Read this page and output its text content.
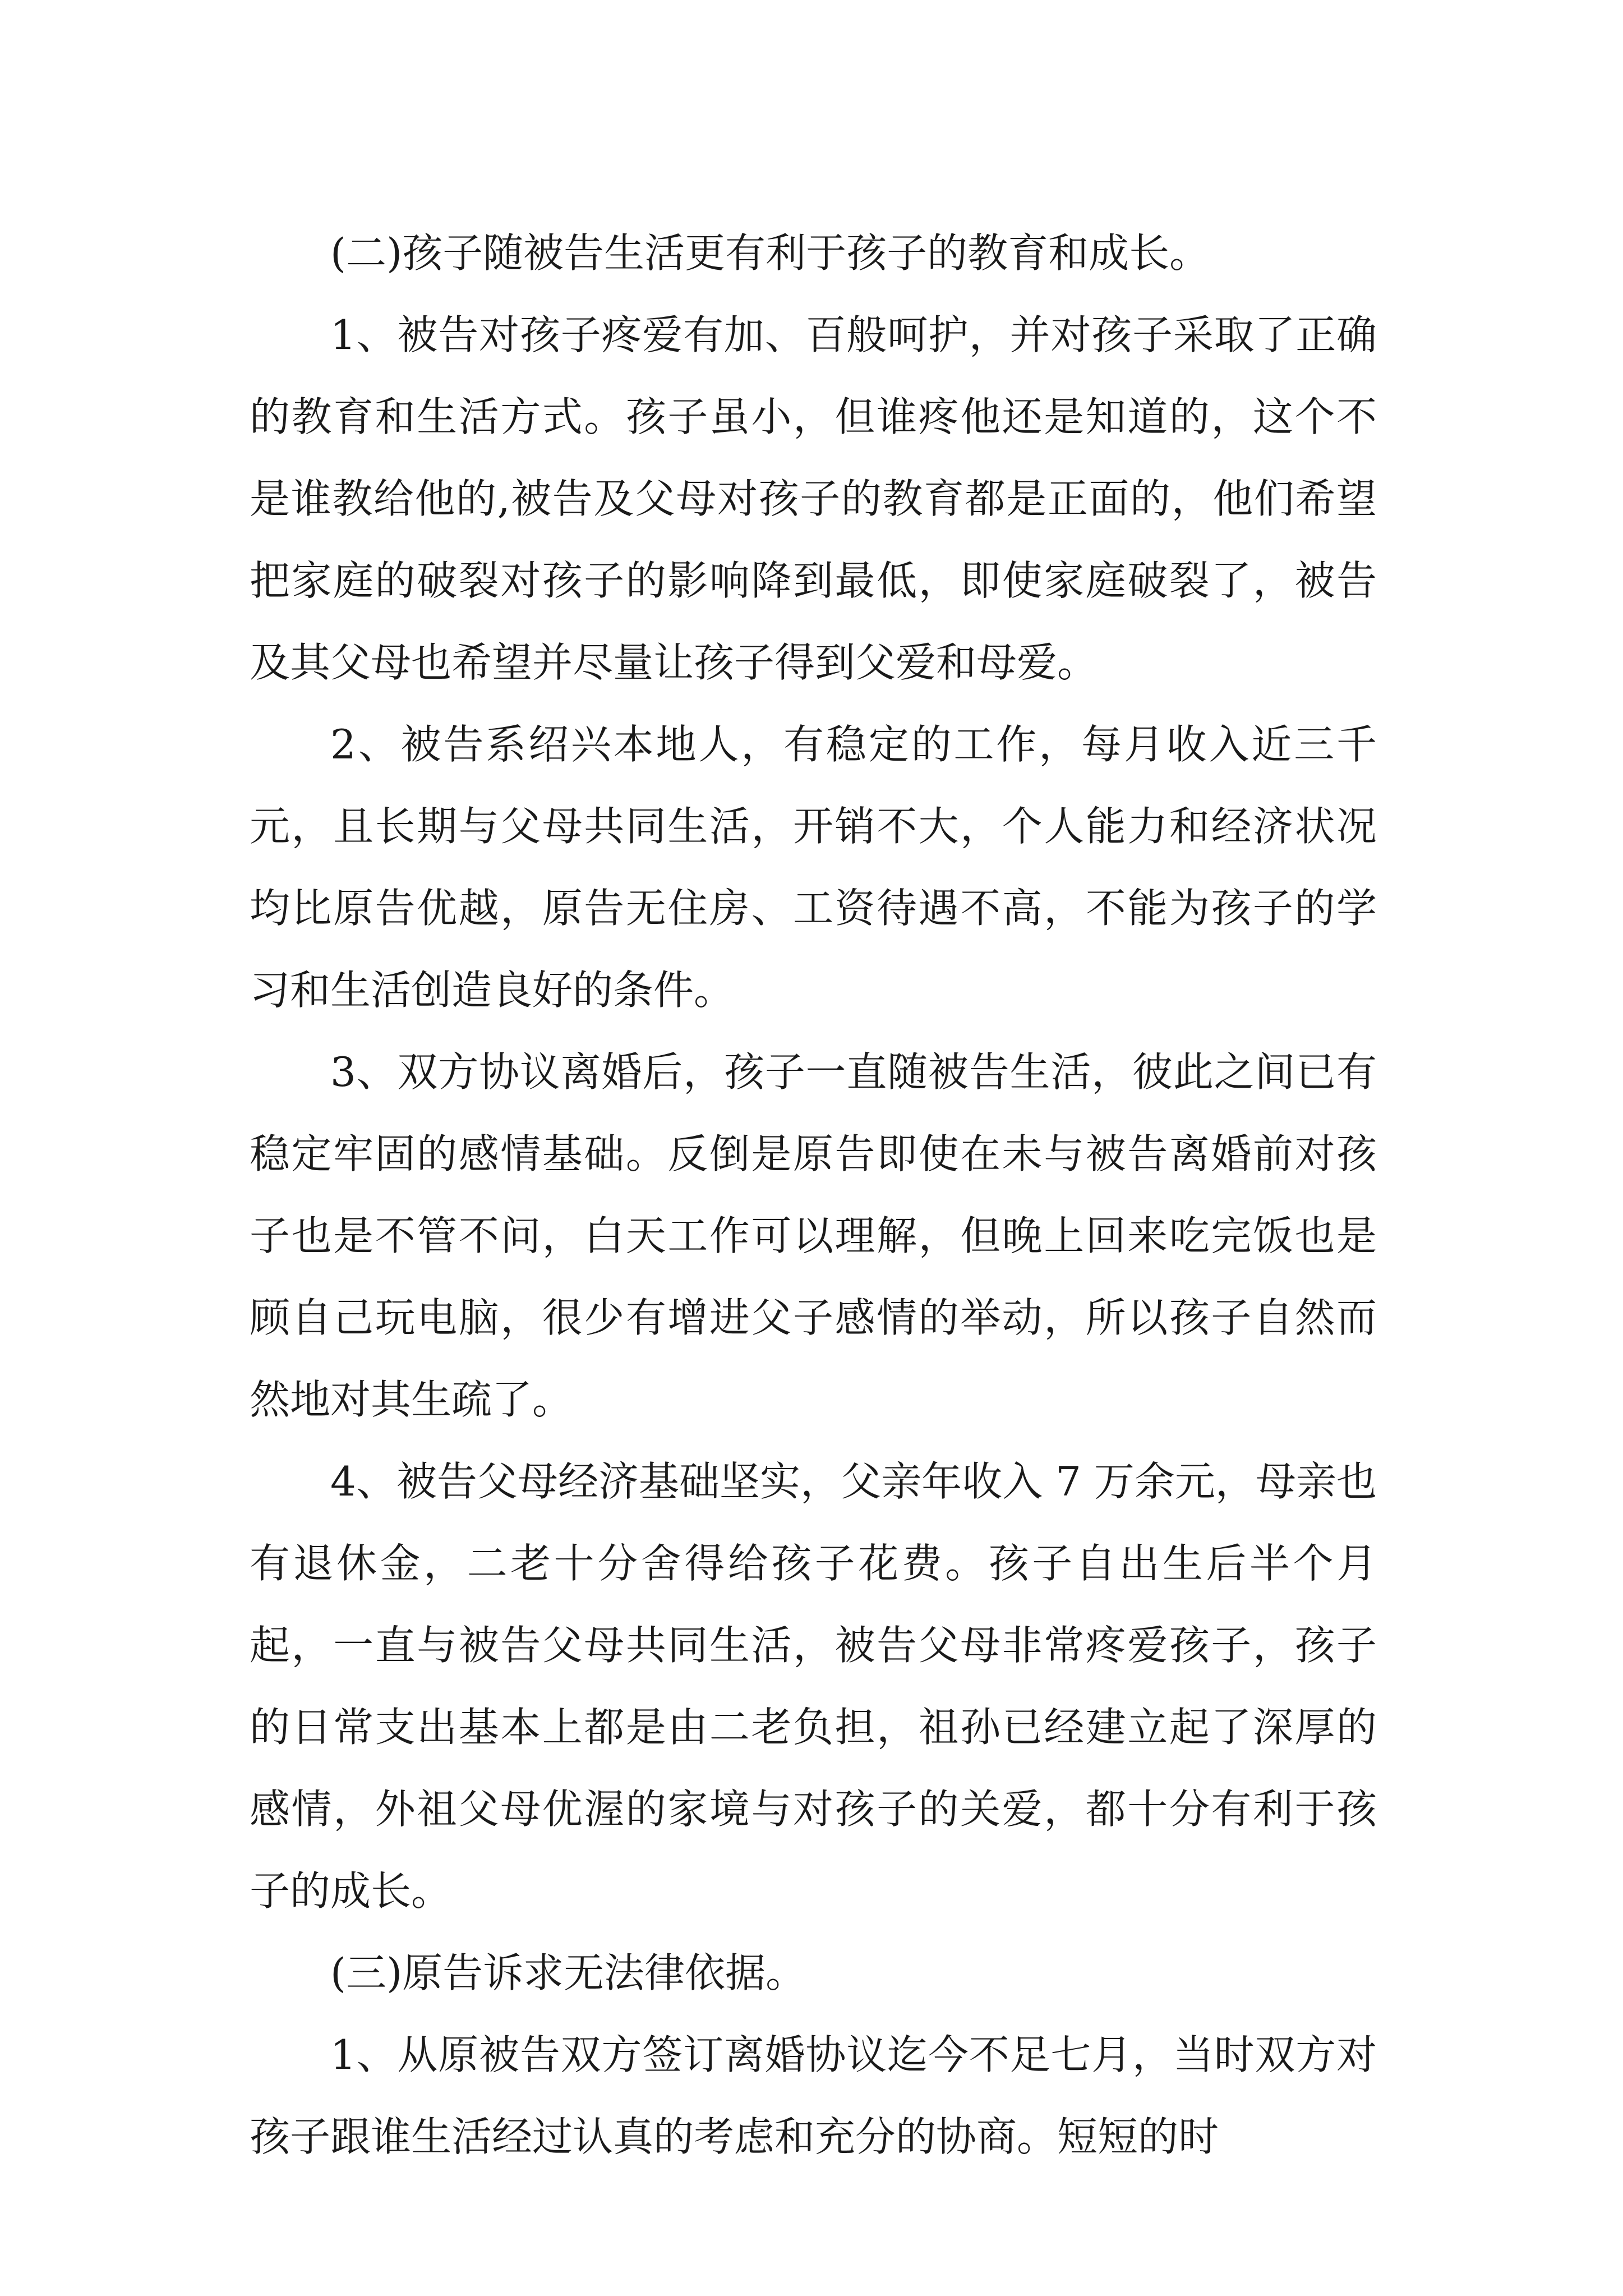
(二)孩子随被告生活更有利于孩子的教育和成长。

1、被告对孩子疼爱有加、百般呵护，并对孩子采取了正确的教育和生活方式。孩子虽小，但谁疼他还是知道的，这个不是谁教给他的,被告及父母对孩子的教育都是正面的，他们希望把家庭的破裂对孩子的影响降到最低，即使家庭破裂了，被告及其父母也希望并尽量让孩子得到父爱和母爱。

2、被告系绍兴本地人，有稳定的工作，每月收入近三千元，且长期与父母共同生活，开销不大，个人能力和经济状况均比原告优越，原告无住房、工资待遇不高，不能为孩子的学习和生活创造良好的条件。

3、双方协议离婚后，孩子一直随被告生活，彼此之间已有稳定牢固的感情基础。反倒是原告即使在未与被告离婚前对孩子也是不管不问，白天工作可以理解，但晚上回来吃完饭也是顾自己玩电脑，很少有增进父子感情的举动，所以孩子自然而然地对其生疏了。

4、被告父母经济基础坚实，父亲年收入 7 万余元，母亲也有退休金，二老十分舍得给孩子花费。孩子自出生后半个月起，一直与被告父母共同生活，被告父母非常疼爱孩子，孩子的日常支出基本上都是由二老负担，祖孙已经建立起了深厚的感情，外祖父母优渥的家境与对孩子的关爱，都十分有利于孩子的成长。

(三)原告诉求无法律依据。

1、从原被告双方签订离婚协议迄今不足七月，当时双方对孩子跟谁生活经过认真的考虑和充分的协商。短短的时
